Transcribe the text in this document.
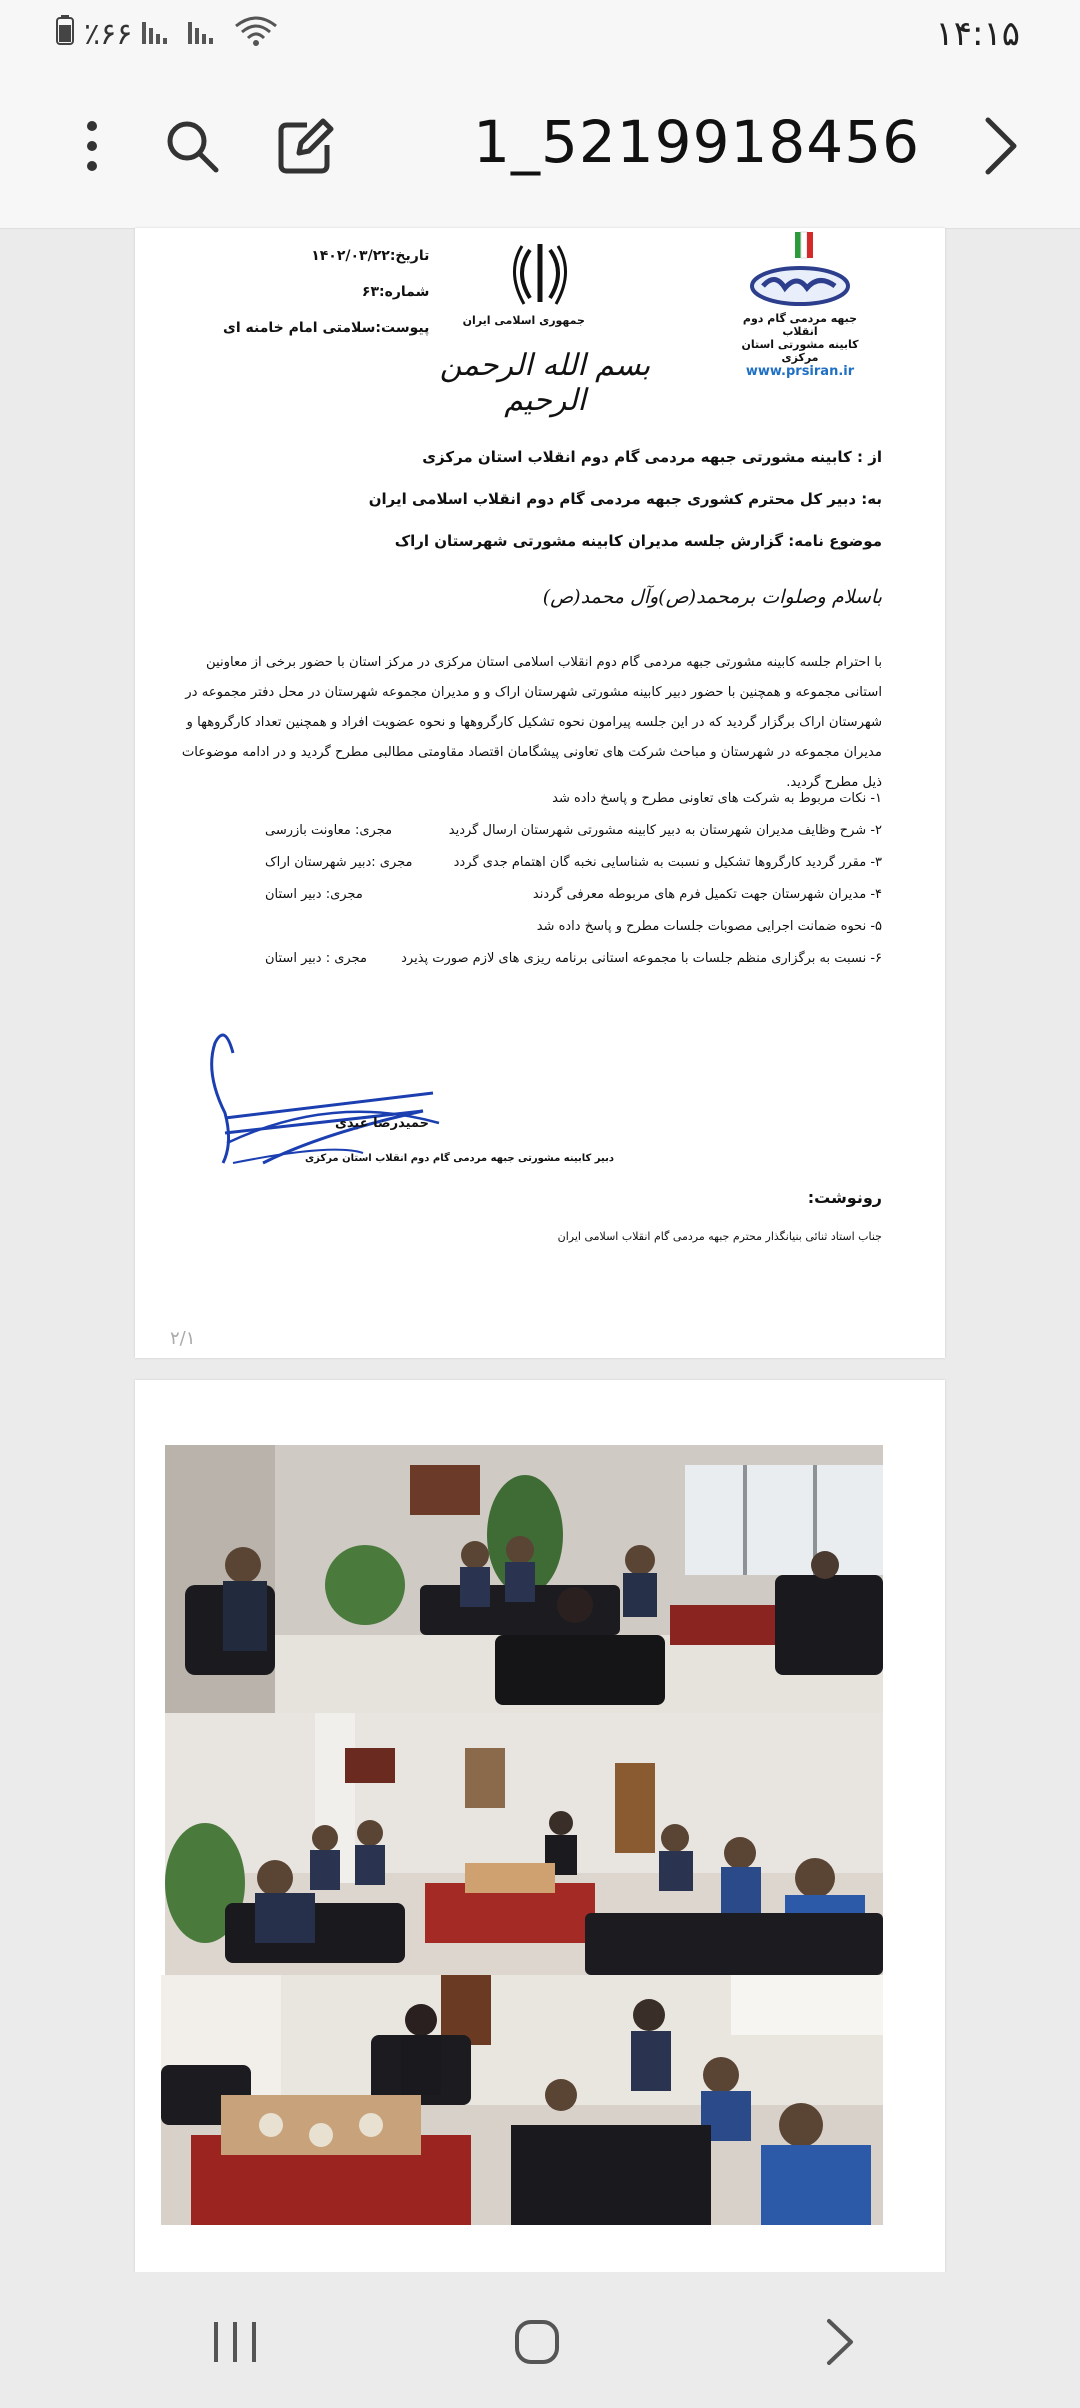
٪۶۶	۱۴:۱۵
1_5219918456
تاریخ:۱۴۰۲/۰۳/۲۲
شماره:۶۳
پیوست:سلامتی امام خامنه ای	جمهوری اسلامی ایران	جبهه مردمی گام دوم انقلاب
کابینه مشورتی استان مرکزی
www.prsiran.ir
بسم الله الرحمن الرحیم
از : کابینه مشورتی جبهه مردمی گام دوم انقلاب استان مرکزی
به: دبیر کل محترم کشوری جبهه مردمی گام دوم انقلاب اسلامی ایران
موضوع نامه: گزارش جلسه مدیران کابینه مشورتی شهرستان اراک
باسلام وصلوات برمحمد(ص)وآل محمد(ص)
با احترام جلسه کابینه مشورتی جبهه مردمی گام دوم انقلاب اسلامی استان مرکزی در مرکز استان با حضور برخی از معاونین استانی مجموعه و همچنین با حضور دبیر کابینه مشورتی شهرستان اراک و و مدیران مجموعه شهرستان در محل دفتر مجموعه در شهرستان اراک برگزار گردید که در این جلسه پیرامون نحوه تشکیل کارگروهها و نحوه عضویت افراد و همچنین تعداد کارگروهها و مدیران مجموعه در شهرستان و مباحث شرکت های تعاونی پیشگامان اقتصاد مقاومتی مطالبی مطرح گردید و در ادامه موضوعات ذیل مطرح گردید.
۱- نکات مربوط به شرکت های تعاونی مطرح و پاسخ داده شد
۲- شرح وظایف مدیران شهرستان به دبیر کابینه مشورتی شهرستان ارسال گردید
مجری: معاونت بازرسی
۳- مقرر گردید کارگروها تشکیل و نسبت به شناسایی نخبه گان اهتمام جدی گردد
مجری :دبیر شهرستان اراک
۴- مدیران شهرستان جهت تکمیل فرم های مربوطه معرفی گردند
مجری: دبیر استان
۵- نحوه ضمانت اجرایی مصوبات جلسات مطرح و پاسخ داده شد
۶- نسبت به برگزاری منظم جلسات با مجموعه استانی برنامه ریزی های لازم صورت پذیرد
مجری : دبیر استان
حمیدرضا عبدی
دبیر کابینه مشورتی جبهه مردمی گام دوم انقلاب استان مرکزی
رونوشت:
جناب استاد ثنائی بنیانگذار محترم جبهه مردمی گام انقلاب اسلامی ایران
۲/۱
